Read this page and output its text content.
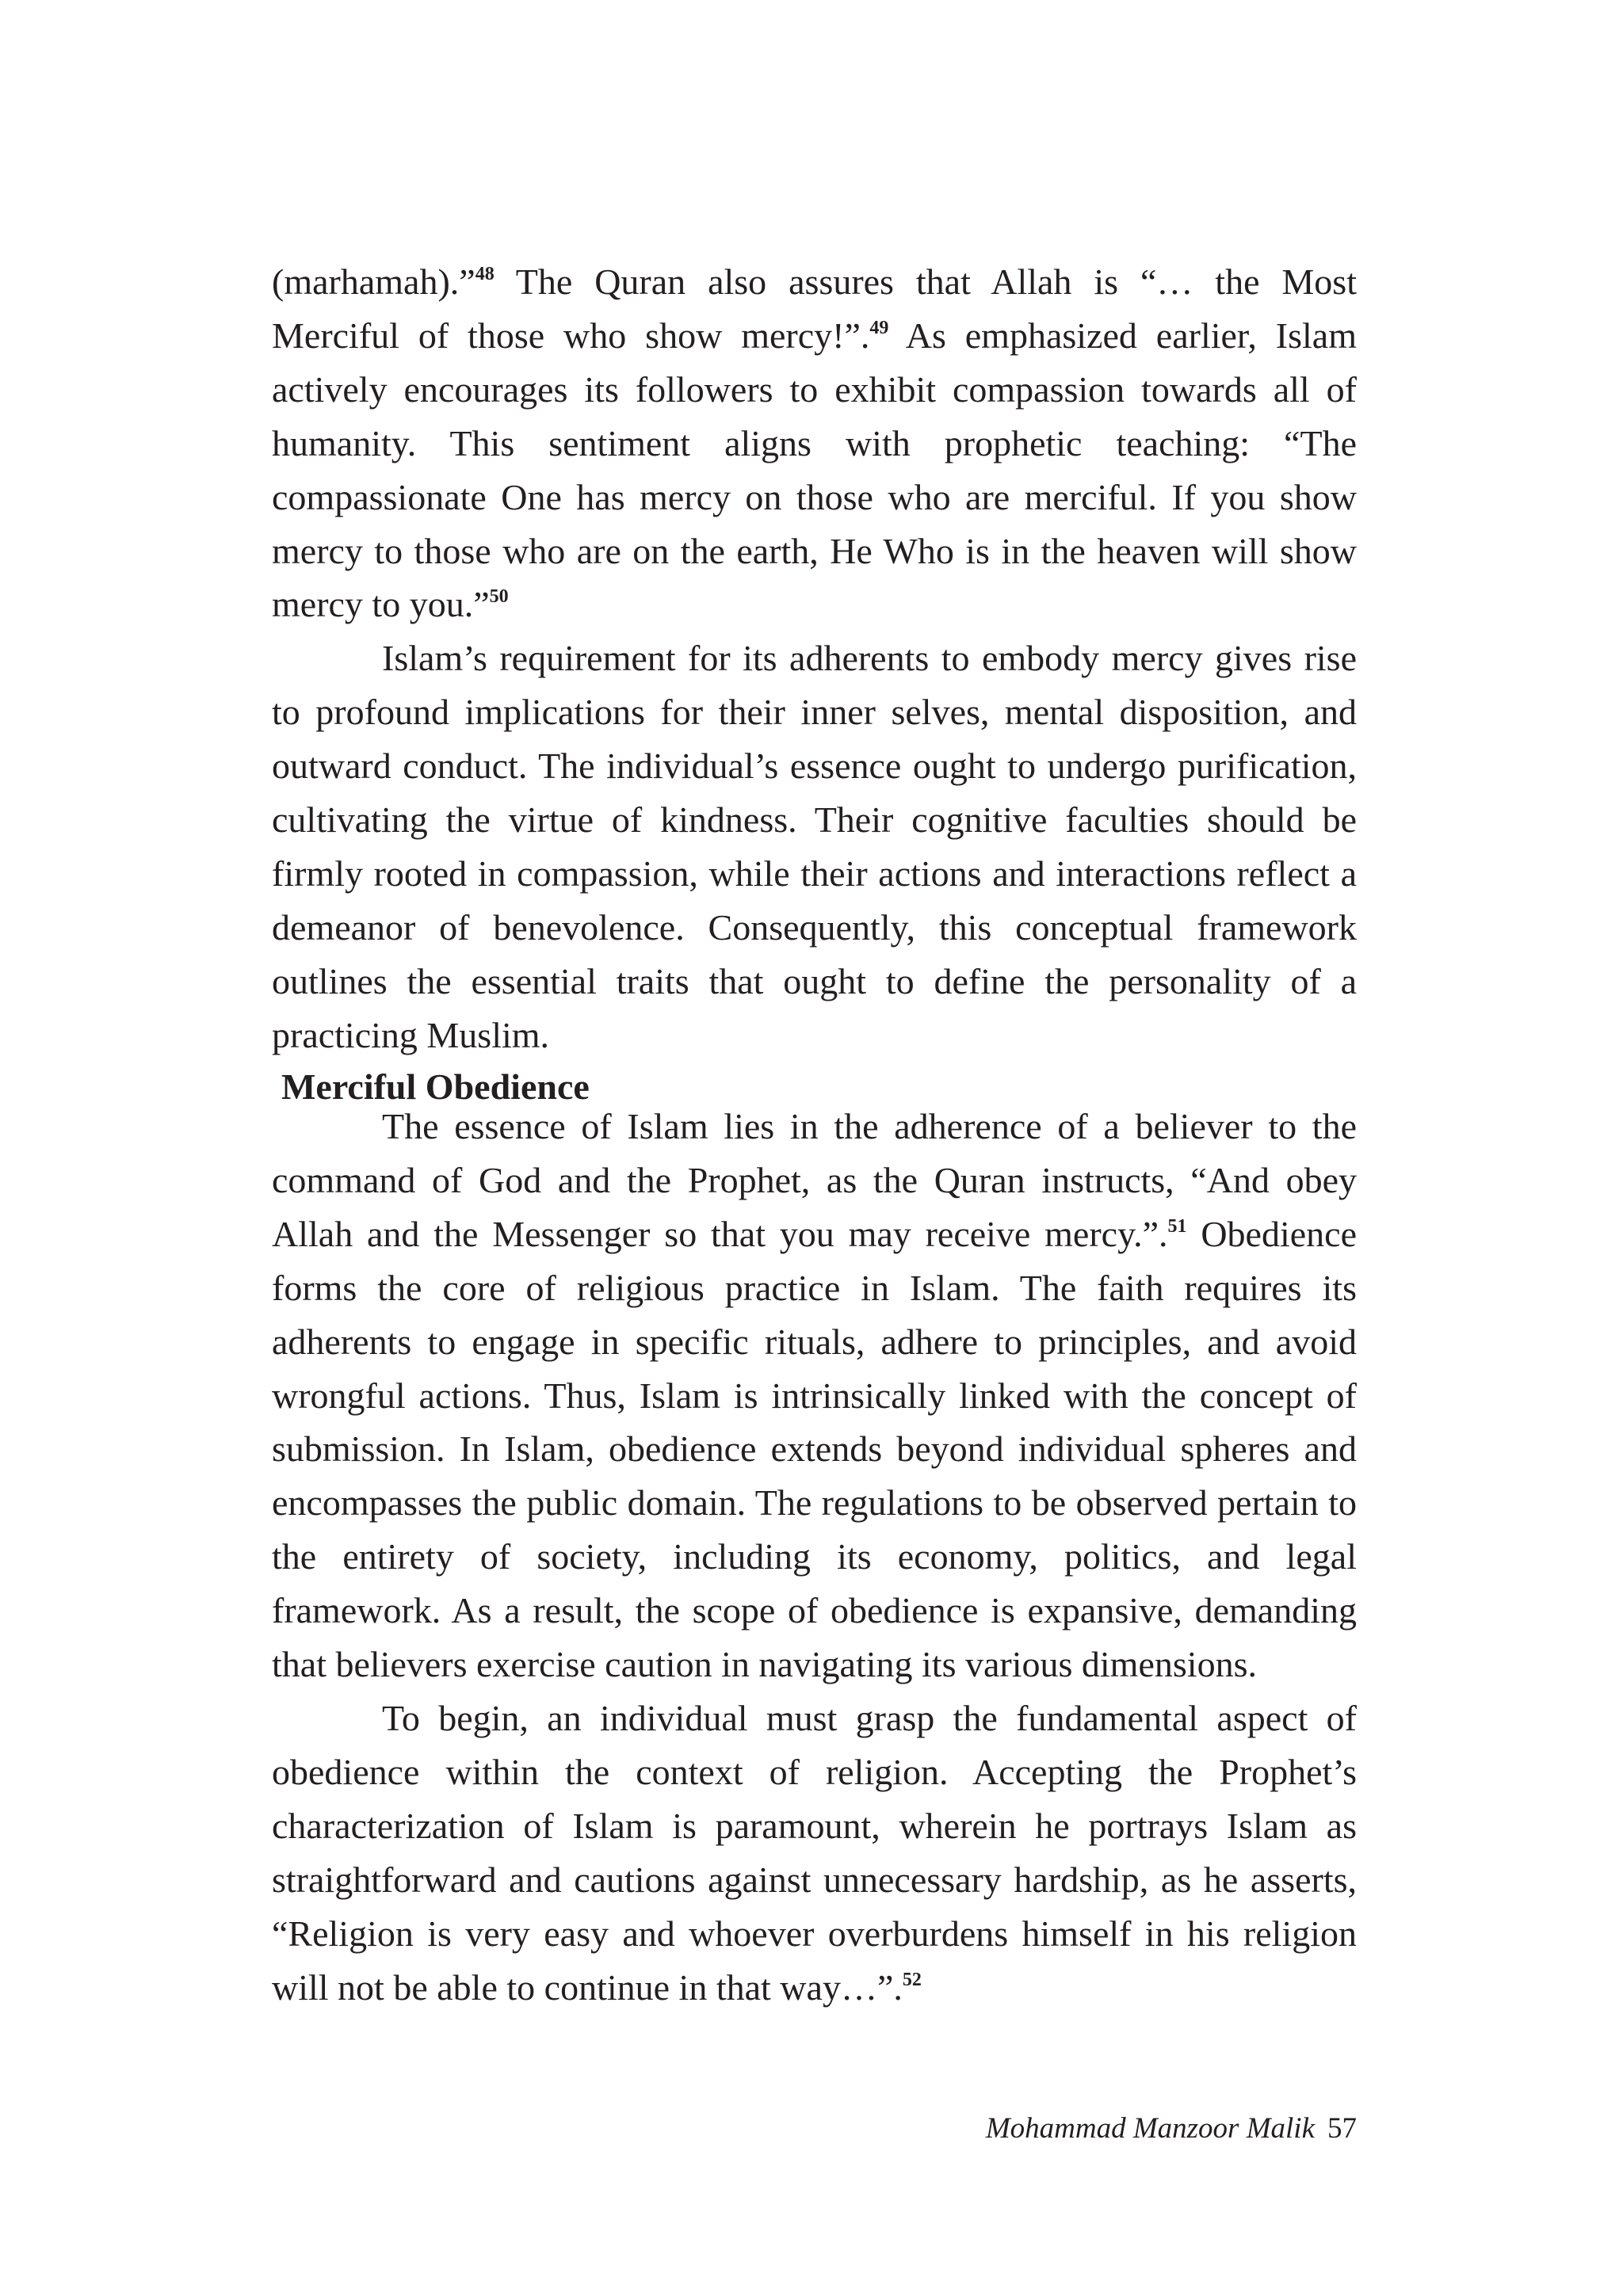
(marhamah).”$^{48}$ The Quran also assures that Allah is “… the Most Merciful of those who show mercy!”.$^{49}$ As emphasized earlier, Islam actively encourages its followers to exhibit compassion towards all of humanity. This sentiment aligns with prophetic teaching: “The compassionate One has mercy on those who are merciful. If you show mercy to those who are on the earth, He Who is in the heaven will show mercy to you.”$^{50}$

Islam’s requirement for its adherents to embody mercy gives rise to profound implications for their inner selves, mental disposition, and outward conduct. The individual’s essence ought to undergo purification, cultivating the virtue of kindness. Their cognitive faculties should be firmly rooted in compassion, while their actions and interactions reflect a demeanor of benevolence. Consequently, this conceptual framework outlines the essential traits that ought to define the personality of a practicing Muslim.

Merciful Obedience

The essence of Islam lies in the adherence of a believer to the command of God and the Prophet, as the Quran instructs, “And obey Allah and the Messenger so that you may receive mercy.”.$^{51}$ Obedience forms the core of religious practice in Islam. The faith requires its adherents to engage in specific rituals, adhere to principles, and avoid wrongful actions. Thus, Islam is intrinsically linked with the concept of submission. In Islam, obedience extends beyond individual spheres and encompasses the public domain. The regulations to be observed pertain to the entirety of society, including its economy, politics, and legal framework. As a result, the scope of obedience is expansive, demanding that believers exercise caution in navigating its various dimensions.

To begin, an individual must grasp the fundamental aspect of obedience within the context of religion. Accepting the Prophet’s characterization of Islam is paramount, wherein he portrays Islam as straightforward and cautions against unnecessary hardship, as he asserts, “Religion is very easy and whoever overburdens himself in his religion will not be able to continue in that way…”.$^{52}$

Mohammad Manzoor Malik 57
